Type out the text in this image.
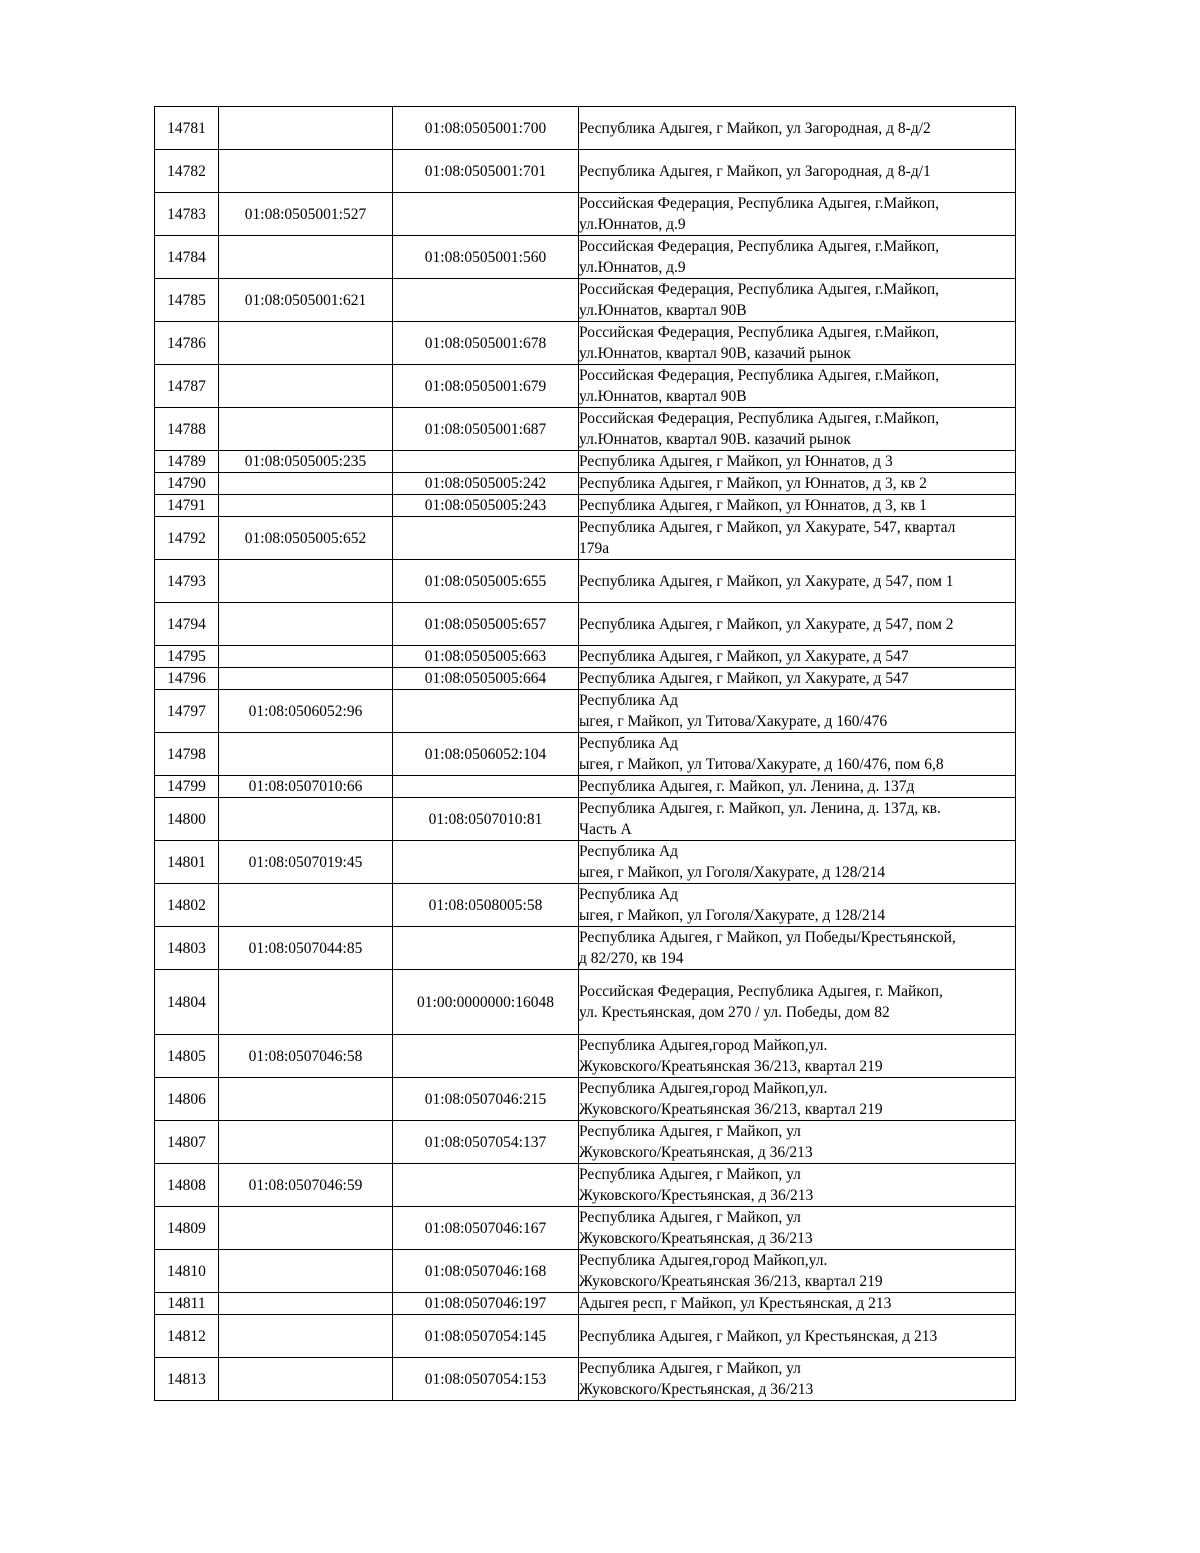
14781		01:08:0505001:700	Республика Адыгея, г Майкоп, ул Загородная, д 8-д/2
14782		01:08:0505001:701	Республика Адыгея, г Майкоп, ул Загородная, д 8-д/1
14783	01:08:0505001:527		Российская Федерация, Республика Адыгея, г.Майкоп,
ул.Юннатов, д.9
14784		01:08:0505001:560	Российская Федерация, Республика Адыгея, г.Майкоп,
ул.Юннатов, д.9
14785	01:08:0505001:621		Российская Федерация, Республика Адыгея, г.Майкоп,
ул.Юннатов, квартал 90В
14786		01:08:0505001:678	Российская Федерация, Республика Адыгея, г.Майкоп,
ул.Юннатов, квартал 90В, казачий рынок
14787		01:08:0505001:679	Российская Федерация, Республика Адыгея, г.Майкоп,
ул.Юннатов, квартал 90В
14788		01:08:0505001:687	Российская Федерация, Республика Адыгея, г.Майкоп,
ул.Юннатов, квартал 90В. казачий рынок
14789	01:08:0505005:235		Республика Адыгея, г Майкоп, ул Юннатов, д 3
14790		01:08:0505005:242	Республика Адыгея, г Майкоп, ул Юннатов, д 3, кв 2
14791		01:08:0505005:243	Республика Адыгея, г Майкоп, ул Юннатов, д 3, кв 1
14792	01:08:0505005:652		Республика Адыгея, г Майкоп, ул Хакурате, 547, квартал
179а
14793		01:08:0505005:655	Республика Адыгея, г Майкоп, ул Хакурате, д 547, пом 1
14794		01:08:0505005:657	Республика Адыгея, г Майкоп, ул Хакурате, д 547, пом 2
14795		01:08:0505005:663	Республика Адыгея, г Майкоп, ул Хакурате, д 547
14796		01:08:0505005:664	Республика Адыгея, г Майкоп, ул Хакурате, д 547
14797	01:08:0506052:96		Республика Ад
ыгея, г Майкоп, ул Титова/Хакурате, д 160/476
14798		01:08:0506052:104	Республика Ад
ыгея, г Майкоп, ул Титова/Хакурате, д 160/476, пом 6,8
14799	01:08:0507010:66		Республика Адыгея, г. Майкоп, ул. Ленина, д. 137д
14800		01:08:0507010:81	Республика Адыгея, г. Майкоп, ул. Ленина, д. 137д, кв.
Часть А
14801	01:08:0507019:45		Республика Ад
ыгея, г Майкоп, ул Гоголя/Хакурате, д 128/214
14802		01:08:0508005:58	Республика Ад
ыгея, г Майкоп, ул Гоголя/Хакурате, д 128/214
14803	01:08:0507044:85		Республика Адыгея, г Майкоп, ул Победы/Крестьянской,
д 82/270, кв 194
14804		01:00:0000000:16048	Российская Федерация, Республика Адыгея, г. Майкоп,
ул. Крестьянская, дом 270 / ул. Победы, дом 82
14805	01:08:0507046:58		Республика Адыгея,город Майкоп,ул.
Жуковского/Креатьянская 36/213, квартал 219
14806		01:08:0507046:215	Республика Адыгея,город Майкоп,ул.
Жуковского/Креатьянская 36/213, квартал 219
14807		01:08:0507054:137	Республика Адыгея, г Майкоп, ул
Жуковского/Креатьянская, д 36/213
14808	01:08:0507046:59		Республика Адыгея, г Майкоп, ул
Жуковского/Крестьянская, д 36/213
14809		01:08:0507046:167	Республика Адыгея, г Майкоп, ул
Жуковского/Креатьянская, д 36/213
14810		01:08:0507046:168	Республика Адыгея,город Майкоп,ул.
Жуковского/Креатьянская 36/213, квартал 219
14811		01:08:0507046:197	Адыгея респ, г Майкоп, ул Крестьянская, д 213
14812		01:08:0507054:145	Республика Адыгея, г Майкоп, ул Крестьянская, д 213
14813		01:08:0507054:153	Республика Адыгея, г Майкоп, ул
Жуковского/Крестьянская, д 36/213
